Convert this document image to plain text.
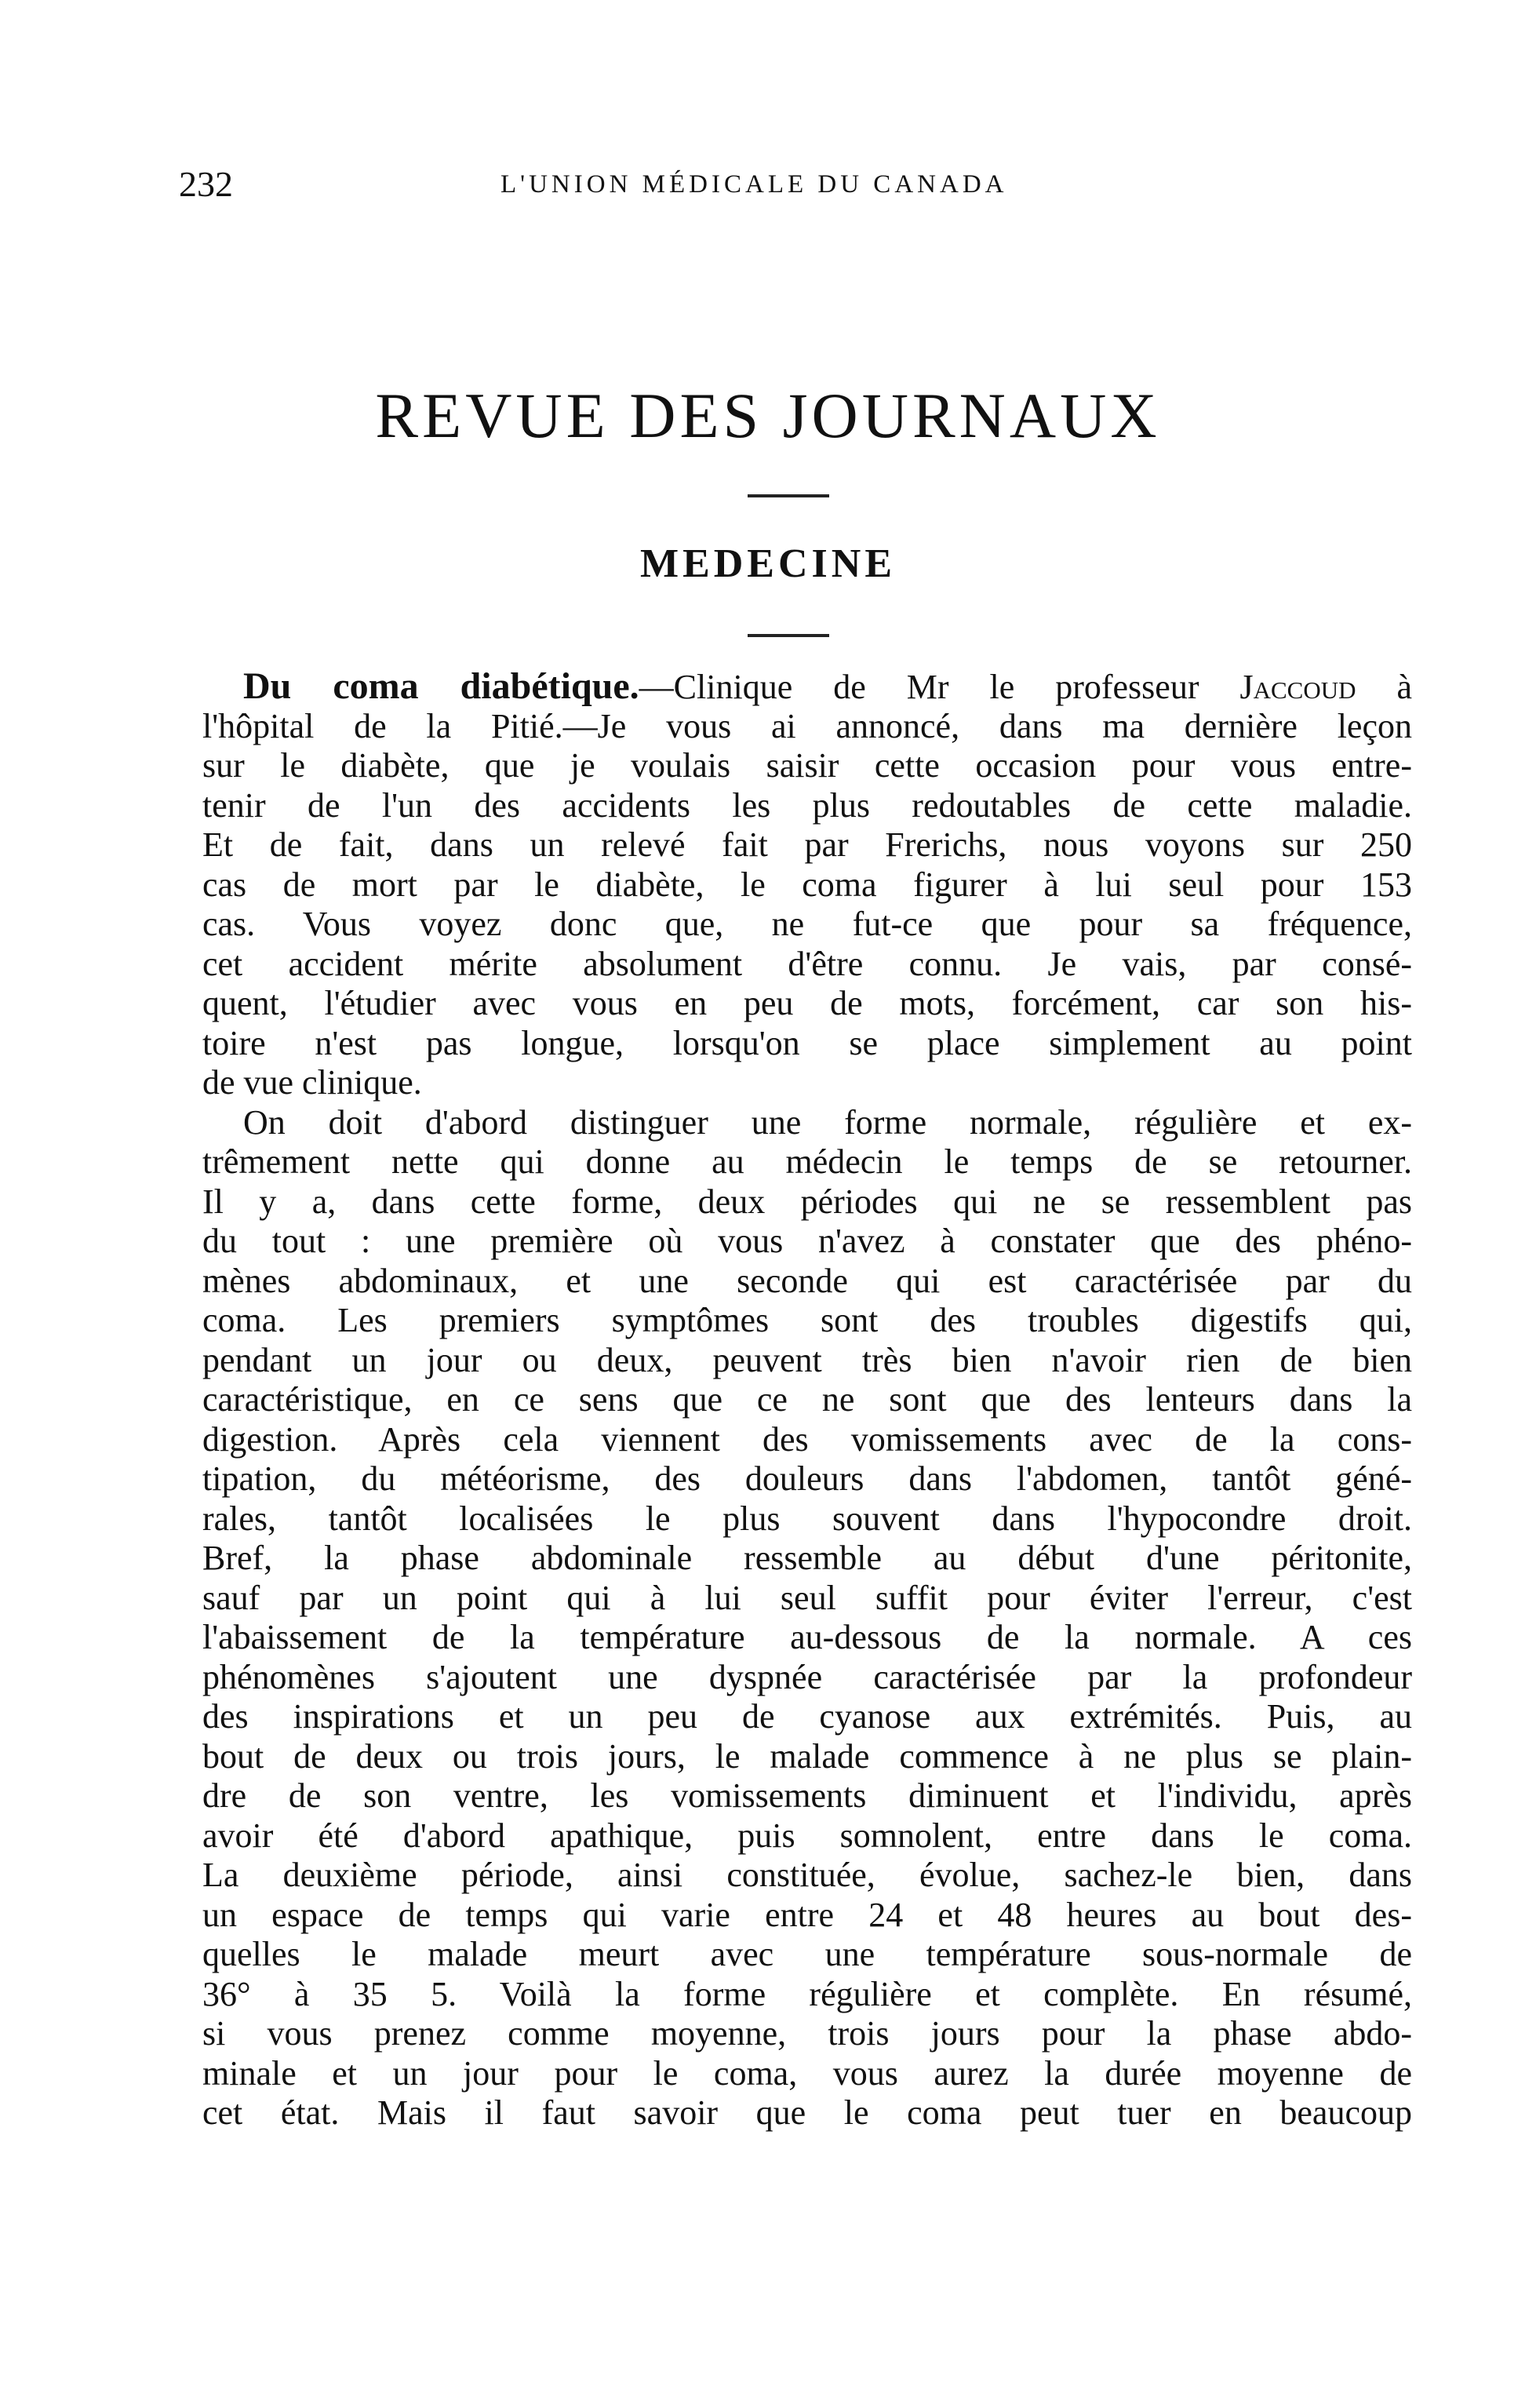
232	L'UNION MÉDICALE DU CANADA
REVUE DES JOURNAUX
MEDECINE
Du coma diabétique.—Clinique de Mr le professeur Jaccoud à
l'hôpital de la Pitié.—Je vous ai annoncé, dans ma dernière leçon
sur le diabète, que je voulais saisir cette occasion pour vous entre-
tenir de l'un des accidents les plus redoutables de cette maladie.
Et de fait, dans un relevé fait par Frerichs, nous voyons sur 250
cas de mort par le diabète, le coma figurer à lui seul pour 153
cas. Vous voyez donc que, ne fut-ce que pour sa fréquence,
cet accident mérite absolument d'être connu. Je vais, par consé-
quent, l'étudier avec vous en peu de mots, forcément, car son his-
toire n'est pas longue, lorsqu'on se place simplement au point
de vue clinique.
On doit d'abord distinguer une forme normale, régulière et ex-
trêmement nette qui donne au médecin le temps de se retourner.
Il y a, dans cette forme, deux périodes qui ne se ressemblent pas
du tout : une première où vous n'avez à constater que des phéno-
mènes abdominaux, et une seconde qui est caractérisée par du
coma. Les premiers symptômes sont des troubles digestifs qui,
pendant un jour ou deux, peuvent très bien n'avoir rien de bien
caractéristique, en ce sens que ce ne sont que des lenteurs dans la
digestion. Après cela viennent des vomissements avec de la cons-
tipation, du météorisme, des douleurs dans l'abdomen, tantôt géné-
rales, tantôt localisées le plus souvent dans l'hypocondre droit.
Bref, la phase abdominale ressemble au début d'une péritonite,
sauf par un point qui à lui seul suffit pour éviter l'erreur, c'est
l'abaissement de la température au-dessous de la normale. A ces
phénomènes s'ajoutent une dyspnée caractérisée par la profondeur
des inspirations et un peu de cyanose aux extrémités. Puis, au
bout de deux ou trois jours, le malade commence à ne plus se plain-
dre de son ventre, les vomissements diminuent et l'individu, après
avoir été d'abord apathique, puis somnolent, entre dans le coma.
La deuxième période, ainsi constituée, évolue, sachez-le bien, dans
un espace de temps qui varie entre 24 et 48 heures au bout des-
quelles le malade meurt avec une température sous-normale de
36° à 35 5. Voilà la forme régulière et complète. En résumé,
si vous prenez comme moyenne, trois jours pour la phase abdo-
minale et un jour pour le coma, vous aurez la durée moyenne de
cet état. Mais il faut savoir que le coma peut tuer en beaucoup
